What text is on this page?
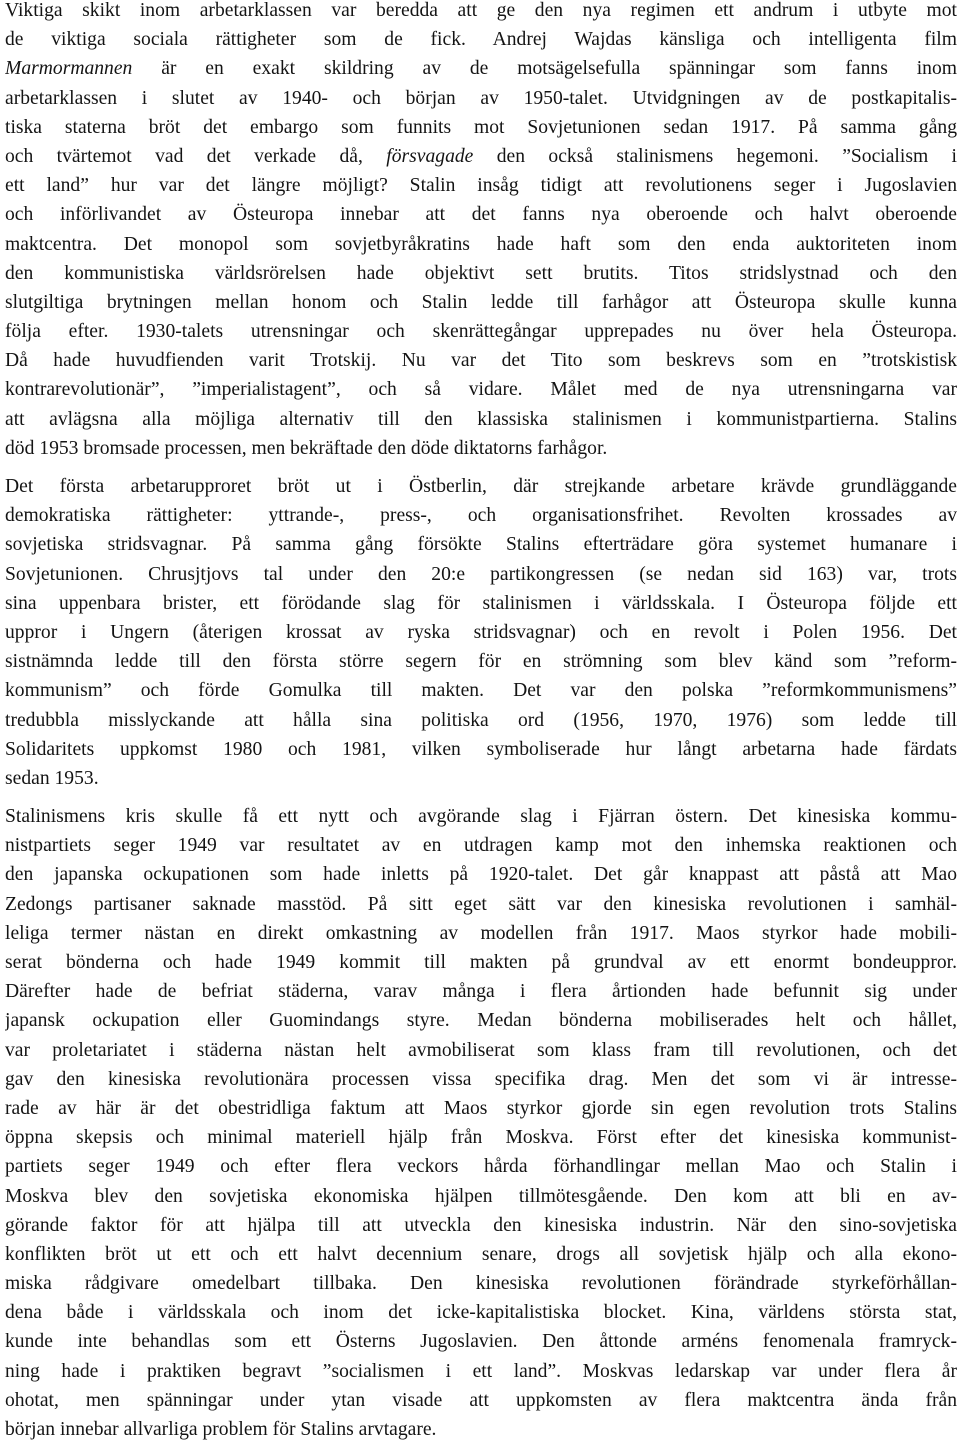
Viktiga skikt inom arbetarklassen var beredda att ge den nya regimen ett andrum i utbyte mot
de viktiga sociala rättigheter som de fick. Andrej Wajdas känsliga och intelligenta film
Marmormannen är en exakt skildring av de motsägelsefulla spänningar som fanns inom
arbetarklassen i slutet av 1940- och början av 1950-talet. Utvidgningen av de postkapitalis-
tiska staterna bröt det embargo som funnits mot Sovjetunionen sedan 1917. På samma gång
och tvärtemot vad det verkade då, försvagade den också stalinismens hegemoni. ”Socialism i
ett land” hur var det längre möjligt? Stalin insåg tidigt att revolutionens seger i Jugoslavien
och införlivandet av Östeuropa innebar att det fanns nya oberoende och halvt oberoende
maktcentra. Det monopol som sovjetbyråkratins hade haft som den enda auktoriteten inom
den kommunistiska världsrörelsen hade objektivt sett brutits. Titos stridslystnad och den
slutgiltiga brytningen mellan honom och Stalin ledde till farhågor att Östeuropa skulle kunna
följa efter. 1930-talets utrensningar och skenrättegångar upprepades nu över hela Östeuropa.
Då hade huvudfienden varit Trotskij. Nu var det Tito som beskrevs som en ”trotskistisk
kontrarevolutionär”, ”imperialistagent”, och så vidare. Målet med de nya utrensningarna var
att avlägsna alla möjliga alternativ till den klassiska stalinismen i kommunistpartierna. Stalins
död 1953 bromsade processen, men bekräftade den döde diktatorns farhågor.
Det första arbetarupproret bröt ut i Östberlin, där strejkande arbetare krävde grundläggande
demokratiska rättigheter: yttrande-, press-, och organisationsfrihet. Revolten krossades av
sovjetiska stridsvagnar. På samma gång försökte Stalins efterträdare göra systemet humanare i
Sovjetunionen. Chrusjtjovs tal under den 20:e partikongressen (se nedan sid 163) var, trots
sina uppenbara brister, ett förödande slag för stalinismen i världsskala. I Östeuropa följde ett
uppror i Ungern (återigen krossat av ryska stridsvagnar) och en revolt i Polen 1956. Det
sistnämnda ledde till den första större segern för en strömning som blev känd som ”reform-
kommunism” och förde Gomulka till makten. Det var den polska ”reformkommunismens”
tredubbla misslyckande att hålla sina politiska ord (1956, 1970, 1976) som ledde till
Solidaritets uppkomst 1980 och 1981, vilken symboliserade hur långt arbetarna hade färdats
sedan 1953.
Stalinismens kris skulle få ett nytt och avgörande slag i Fjärran östern. Det kinesiska kommu-
nistpartiets seger 1949 var resultatet av en utdragen kamp mot den inhemska reaktionen och
den japanska ockupationen som hade inletts på 1920-talet. Det går knappast att påstå att Mao
Zedongs partisaner saknade masstöd. På sitt eget sätt var den kinesiska revolutionen i samhäl-
leliga termer nästan en direkt omkastning av modellen från 1917. Maos styrkor hade mobili-
serat bönderna och hade 1949 kommit till makten på grundval av ett enormt bondeuppror.
Därefter hade de befriat städerna, varav många i flera årtionden hade befunnit sig under
japansk ockupation eller Guomindangs styre. Medan bönderna mobiliserades helt och hållet,
var proletariatet i städerna nästan helt avmobiliserat som klass fram till revolutionen, och det
gav den kinesiska revolutionära processen vissa specifika drag. Men det som vi är intresse-
rade av här är det obestridliga faktum att Maos styrkor gjorde sin egen revolution trots Stalins
öppna skepsis och minimal materiell hjälp från Moskva. Först efter det kinesiska kommunist-
partiets seger 1949 och efter flera veckors hårda förhandlingar mellan Mao och Stalin i
Moskva blev den sovjetiska ekonomiska hjälpen tillmötesgående. Den kom att bli en av-
görande faktor för att hjälpa till att utveckla den kinesiska industrin. När den sino-sovjetiska
konflikten bröt ut ett och ett halvt decennium senare, drogs all sovjetisk hjälp och alla ekono-
miska rådgivare omedelbart tillbaka. Den kinesiska revolutionen förändrade styrkeförhållan-
dena både i världsskala och inom det icke-kapitalistiska blocket. Kina, världens största stat,
kunde inte behandlas som ett Österns Jugoslavien. Den åttonde arméns fenomenala framryck-
ning hade i praktiken begravt ”socialismen i ett land”. Moskvas ledarskap var under flera år
ohotat, men spänningar under ytan visade att uppkomsten av flera maktcentra ända från
början innebar allvarliga problem för Stalins arvtagare.
